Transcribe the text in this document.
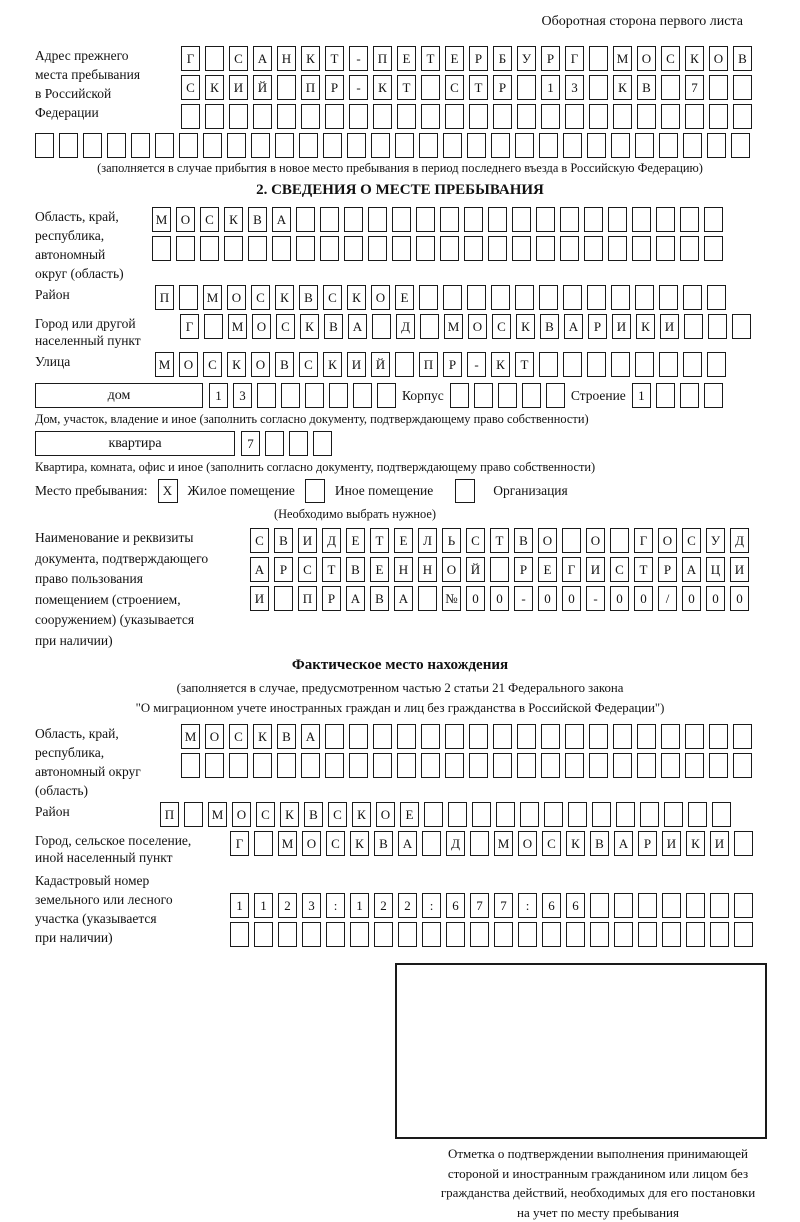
Оборотная сторона первого листа
Адрес прежнего
места пребывания
в Российской
Федерации
Г	С	А	Н	К	Т	-	П	Е	Т	Е	Р	Б	У	Р	Г	М	О	С	К	О	В
С	К	И	Й	П	Р	-	К	Т	С	Т	Р	1	3	К	В	7
(заполняется в случае прибытия в новое место пребывания в период последнего въезда в Российскую Федерацию)
2. СВЕДЕНИЯ О МЕСТЕ ПРЕБЫВАНИЯ
Область, край,
республика,
автономный
округ (область)
М	О	С	К	В	А
Район	П	М	О	С	К	В	С	К	О	Е
Город или другой
населенный пункт
Г	М	О	С	К	В	А	Д	М	О	С	К	В	А	Р	И	К	И
Улица	М	О	С	К	О	В	С	К	И	Й	П	Р	-	К	Т
дом	1	3	Корпус	Строение 1
Дом, участок, владение и иное (заполнить согласно документу, подтверждающему право собственности)
квартира	7
Квартира, комната, офис и иное (заполнить согласно документу, подтверждающему право собственности)
Место пребывания:	X	Жилое помещение	Иное помещение	Организация
(Необходимо выбрать нужное)
Наименование и реквизиты
документа, подтверждающего
право пользования
помещением (строением,
сооружением) (указывается
при наличии)
С	В	И	Д	Е	Т	Е	Л	Ь	С	Т	В	О	О	Г	О	С	У	Д
А	Р	С	Т	В	Е	Н	Н	О	Й	Р	Е	Г	И	С	Т	Р	А	Ц	И
И	П	Р	А	В	А	№	0	0	-	0	0	-	0	0	/	0	0	0
Фактическое место нахождения
(заполняется в случае, предусмотренном частью 2 статьи 21 Федерального закона
"О миграционном учете иностранных граждан и лиц без гражданства в Российской Федерации")
Область, край,
республика,
автономный округ
(область)
М	О	С	К	В	А
Район	П	М	О	С	К	В	С	К	О	Е
Город, сельское поселение,
иной населенный пункт
Г	М	О	С	К	В	А	Д	М	О	С	К	В	А	Р	И	К	И
Кадастровый номер
земельного или лесного
участка (указывается
при наличии)
1	1	2	3	:	1	2	2	:	6	7	7	:	6	6
Отметка о подтверждении выполнения принимающей
стороной и иностранным гражданином или лицом без
гражданства действий, необходимых для его постановки
на учет по месту пребывания
